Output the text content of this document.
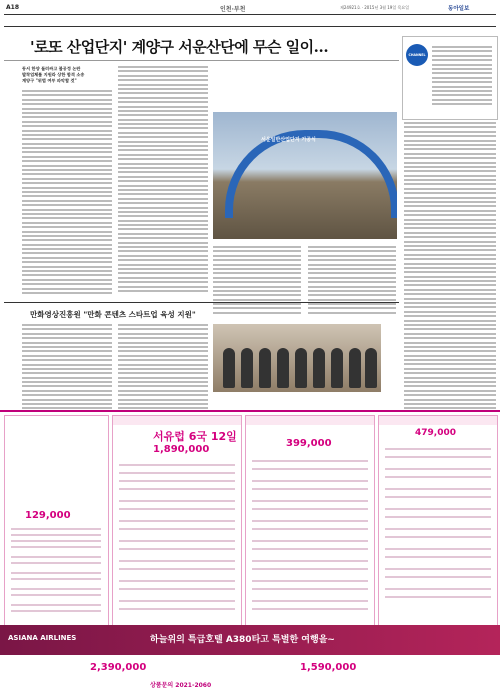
A18	인천·부천	제24921호 · 2015년 3월 19일 목요일	동아일보
'로또 산업단지' 계양구 서운산단에 무슨 일이…
동서 한양 둘러싸고 불공정 논란
발착업체를 지원라 상한 합격 소송
계양구 "위법 여부 파악할 것"
서운일반산업단지 기공식
CHANNEL
만화영상진흥원 "만화 콘텐츠 스타트업 육성 지원"
129,000
서유럽 6국 12일
1,890,000
399,000
479,000
ASIANA AIRLINES	하늘위의 특급호텔 A380타고 특별한 여행을~
2,390,000	1,590,000
상품문의 2021-2060
